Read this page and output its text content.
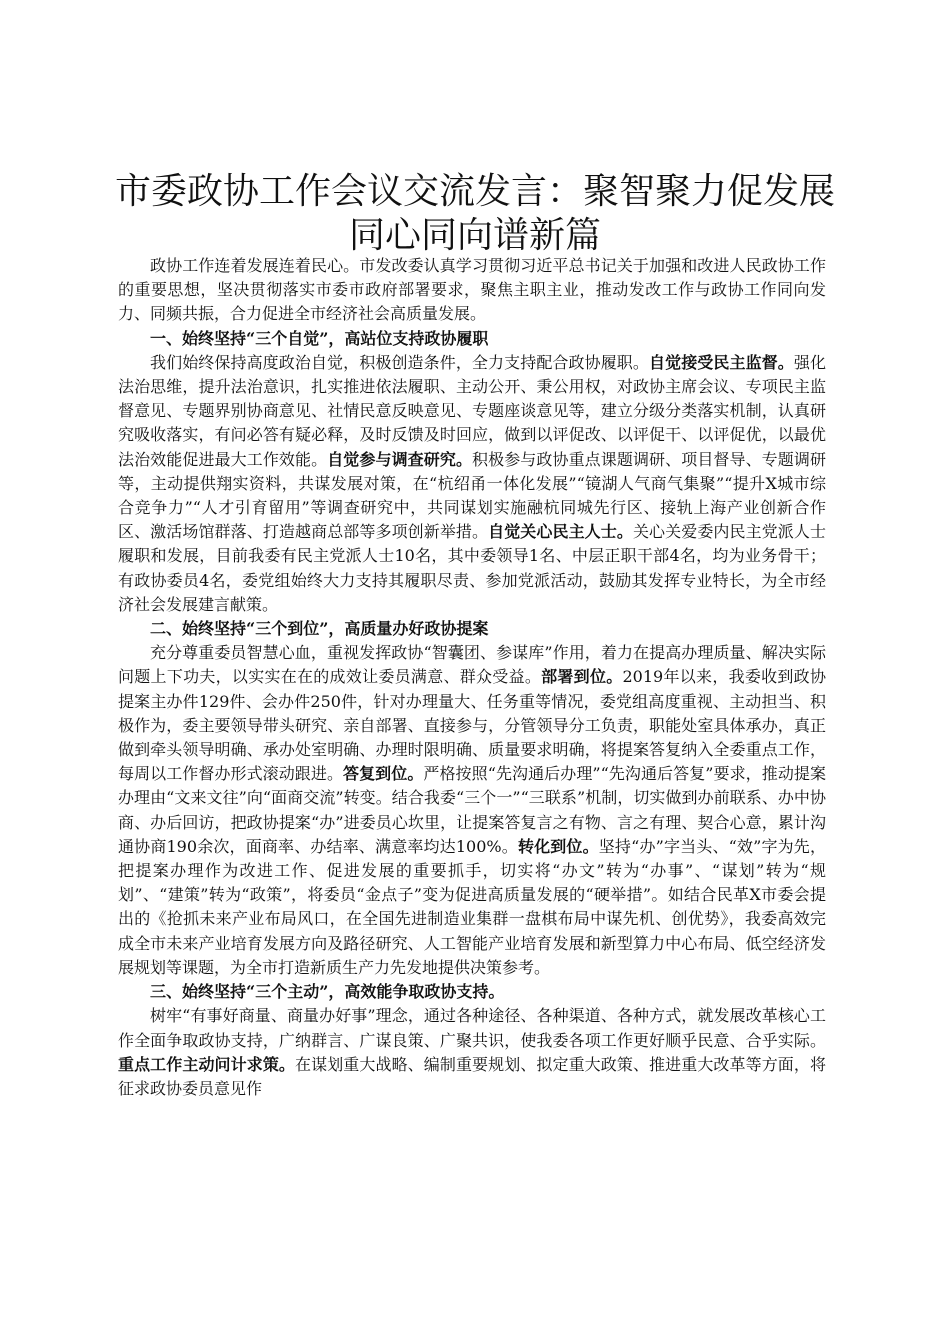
市委政协工作会议交流发言：聚智聚力促发展
同心同向谱新篇

政协工作连着发展连着民心。市发改委认真学习贯彻习近平总书记关于加强和改进人民政协工作的重要思想，坚决贯彻落实市委市政府部署要求，聚焦主职主业，推动发改工作与政协工作同向发力、同频共振，合力促进全市经济社会高质量发展。

一、始终坚持“三个自觉”，高站位支持政协履职

我们始终保持高度政治自觉，积极创造条件，全力支持配合政协履职。自觉接受民主监督。强化法治思维，提升法治意识，扎实推进依法履职、主动公开、秉公用权，对政协主席会议、专项民主监督意见、专题界别协商意见、社情民意反映意见、专题座谈意见等，建立分级分类落实机制，认真研究吸收落实，有问必答有疑必释，及时反馈及时回应，做到以评促改、以评促干、以评促优，以最优法治效能促进最大工作效能。自觉参与调查研究。积极参与政协重点课题调研、项目督导、专题调研等，主动提供翔实资料，共谋发展对策，在“杭绍甬一体化发展”“镜湖人气商气集聚”“提升X城市综合竞争力”“人才引育留用”等调查研究中，共同谋划实施融杭同城先行区、接轨上海产业创新合作区、激活场馆群落、打造越商总部等多项创新举措。自觉关心民主人士。关心关爱委内民主党派人士履职和发展，目前我委有民主党派人士10名，其中委领导1名、中层正职干部4名，均为业务骨干；有政协委员4名，委党组始终大力支持其履职尽责、参加党派活动，鼓励其发挥专业特长，为全市经济社会发展建言献策。

二、始终坚持“三个到位”，高质量办好政协提案

充分尊重委员智慧心血，重视发挥政协“智囊团、参谋库”作用，着力在提高办理质量、解决实际问题上下功夫，以实实在在的成效让委员满意、群众受益。部署到位。2019年以来，我委收到政协提案主办件129件、会办件250件，针对办理量大、任务重等情况，委党组高度重视、主动担当、积极作为，委主要领导带头研究、亲自部署、直接参与，分管领导分工负责，职能处室具体承办，真正做到牵头领导明确、承办处室明确、办理时限明确、质量要求明确，将提案答复纳入全委重点工作，每周以工作督办形式滚动跟进。答复到位。严格按照“先沟通后办理”“先沟通后答复”要求，推动提案办理由“文来文往”向“面商交流”转变。结合我委“三个一”“三联系”机制，切实做到办前联系、办中协商、办后回访，把政协提案“办”进委员心坎里，让提案答复言之有物、言之有理、契合心意，累计沟通协商190余次，面商率、办结率、满意率均达100%。转化到位。坚持“办”字当头、“效”字为先，把提案办理作为改进工作、促进发展的重要抓手，切实将“办文”转为“办事”、“谋划”转为“规划”、“建策”转为“政策”，将委员“金点子”变为促进高质量发展的“硬举措”。如结合民革X市委会提出的《抢抓未来产业布局风口，在全国先进制造业集群一盘棋布局中谋先机、创优势》，我委高效完成全市未来产业培育发展方向及路径研究、人工智能产业培育发展和新型算力中心布局、低空经济发展规划等课题，为全市打造新质生产力先发地提供决策参考。

三、始终坚持“三个主动”，高效能争取政协支持。

树牢“有事好商量、商量办好事”理念，通过各种途径、各种渠道、各种方式，就发展改革核心工作全面争取政协支持，广纳群言、广谋良策、广聚共识，使我委各项工作更好顺乎民意、合乎实际。重点工作主动问计求策。在谋划重大战略、编制重要规划、拟定重大政策、推进重大改革等方面，将征求政协委员意见作
